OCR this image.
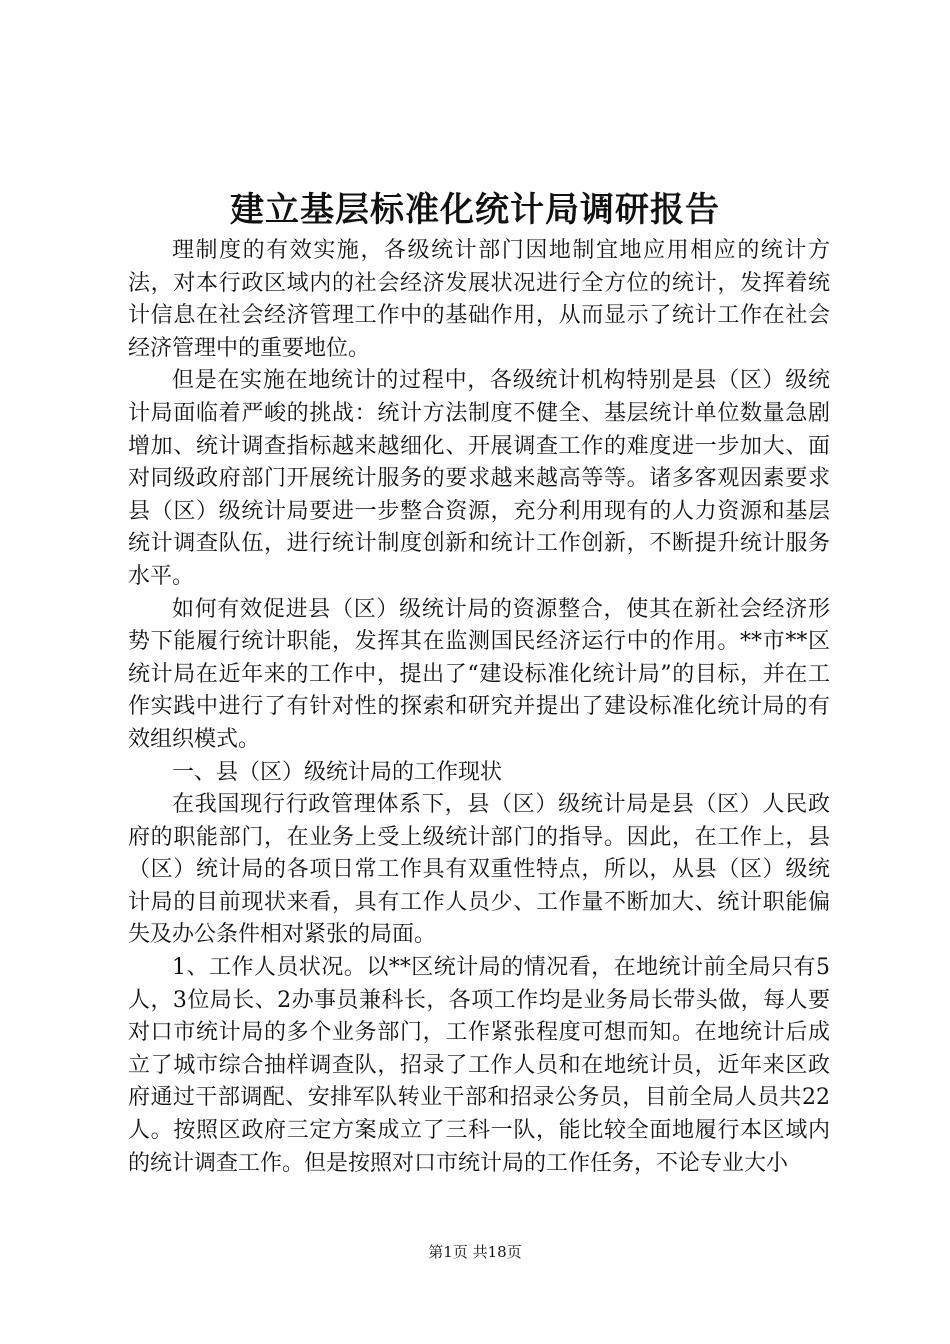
建立基层标准化统计局调研报告

理制度的有效实施，各级统计部门因地制宜地应用相应的统计方法，对本行政区域内的社会经济发展状况进行全方位的统计，发挥着统计信息在社会经济管理工作中的基础作用，从而显示了统计工作在社会经济管理中的重要地位。

但是在实施在地统计的过程中，各级统计机构特别是县（区）级统计局面临着严峻的挑战：统计方法制度不健全、基层统计单位数量急剧增加、统计调查指标越来越细化、开展调查工作的难度进一步加大、面对同级政府部门开展统计服务的要求越来越高等等。诸多客观因素要求县（区）级统计局要进一步整合资源，充分利用现有的人力资源和基层统计调查队伍，进行统计制度创新和统计工作创新，不断提升统计服务水平。

如何有效促进县（区）级统计局的资源整合，使其在新社会经济形势下能履行统计职能，发挥其在监测国民经济运行中的作用。**市**区统计局在近年来的工作中，提出了“建设标准化统计局”的目标，并在工作实践中进行了有针对性的探索和研究并提出了建设标准化统计局的有效组织模式。

一、县（区）级统计局的工作现状

在我国现行行政管理体系下，县（区）级统计局是县（区）人民政府的职能部门，在业务上受上级统计部门的指导。因此，在工作上，县（区）统计局的各项日常工作具有双重性特点，所以，从县（区）级统计局的目前现状来看，具有工作人员少、工作量不断加大、统计职能偏失及办公条件相对紧张的局面。

1、工作人员状况。以**区统计局的情况看，在地统计前全局只有5人，3位局长、2办事员兼科长，各项工作均是业务局长带头做，每人要对口市统计局的多个业务部门，工作紧张程度可想而知。在地统计后成立了城市综合抽样调查队，招录了工作人员和在地统计员，近年来区政府通过干部调配、安排军队转业干部和招录公务员，目前全局人员共22人。按照区政府三定方案成立了三科一队，能比较全面地履行本区域内的统计调查工作。但是按照对口市统计局的工作任务，不论专业大小

第1页 共18页
